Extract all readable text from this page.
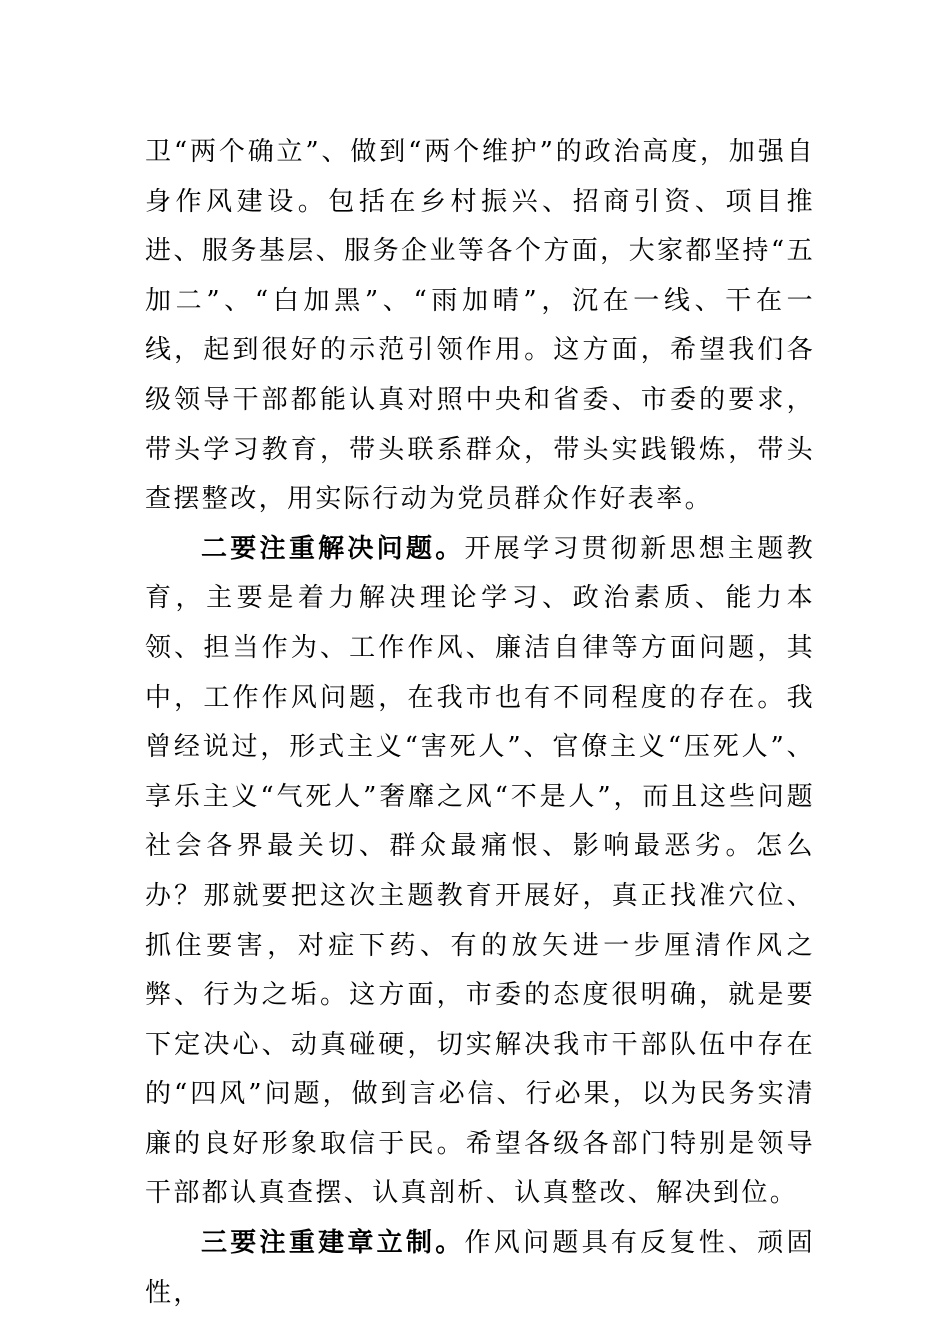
卫“两个确立”、做到“两个维护”的政治高度，加强自身作风建设。包括在乡村振兴、招商引资、项目推进、服务基层、服务企业等各个方面，大家都坚持“五加二”、“白加黑”、“雨加晴”，沉在一线、干在一线，起到很好的示范引领作用。这方面，希望我们各级领导干部都能认真对照中央和省委、市委的要求，带头学习教育，带头联系群众，带头实践锻炼，带头查摆整改，用实际行动为党员群众作好表率。

二要注重解决问题。开展学习贯彻新思想主题教育，主要是着力解决理论学习、政治素质、能力本领、担当作为、工作作风、廉洁自律等方面问题，其中，工作作风问题，在我市也有不同程度的存在。我曾经说过，形式主义“害死人”、官僚主义“压死人”、享乐主义“气死人”奢靡之风“不是人”，而且这些问题社会各界最关切、群众最痛恨、影响最恶劣。怎么办？那就要把这次主题教育开展好，真正找准穴位、抓住要害，对症下药、有的放矢进一步厘清作风之弊、行为之垢。这方面，市委的态度很明确，就是要下定决心、动真碰硬，切实解决我市干部队伍中存在的“四风”问题，做到言必信、行必果，以为民务实清廉的良好形象取信于民。希望各级各部门特别是领导干部都认真查摆、认真剖析、认真整改、解决到位。

三要注重建章立制。作风问题具有反复性、顽固性，
